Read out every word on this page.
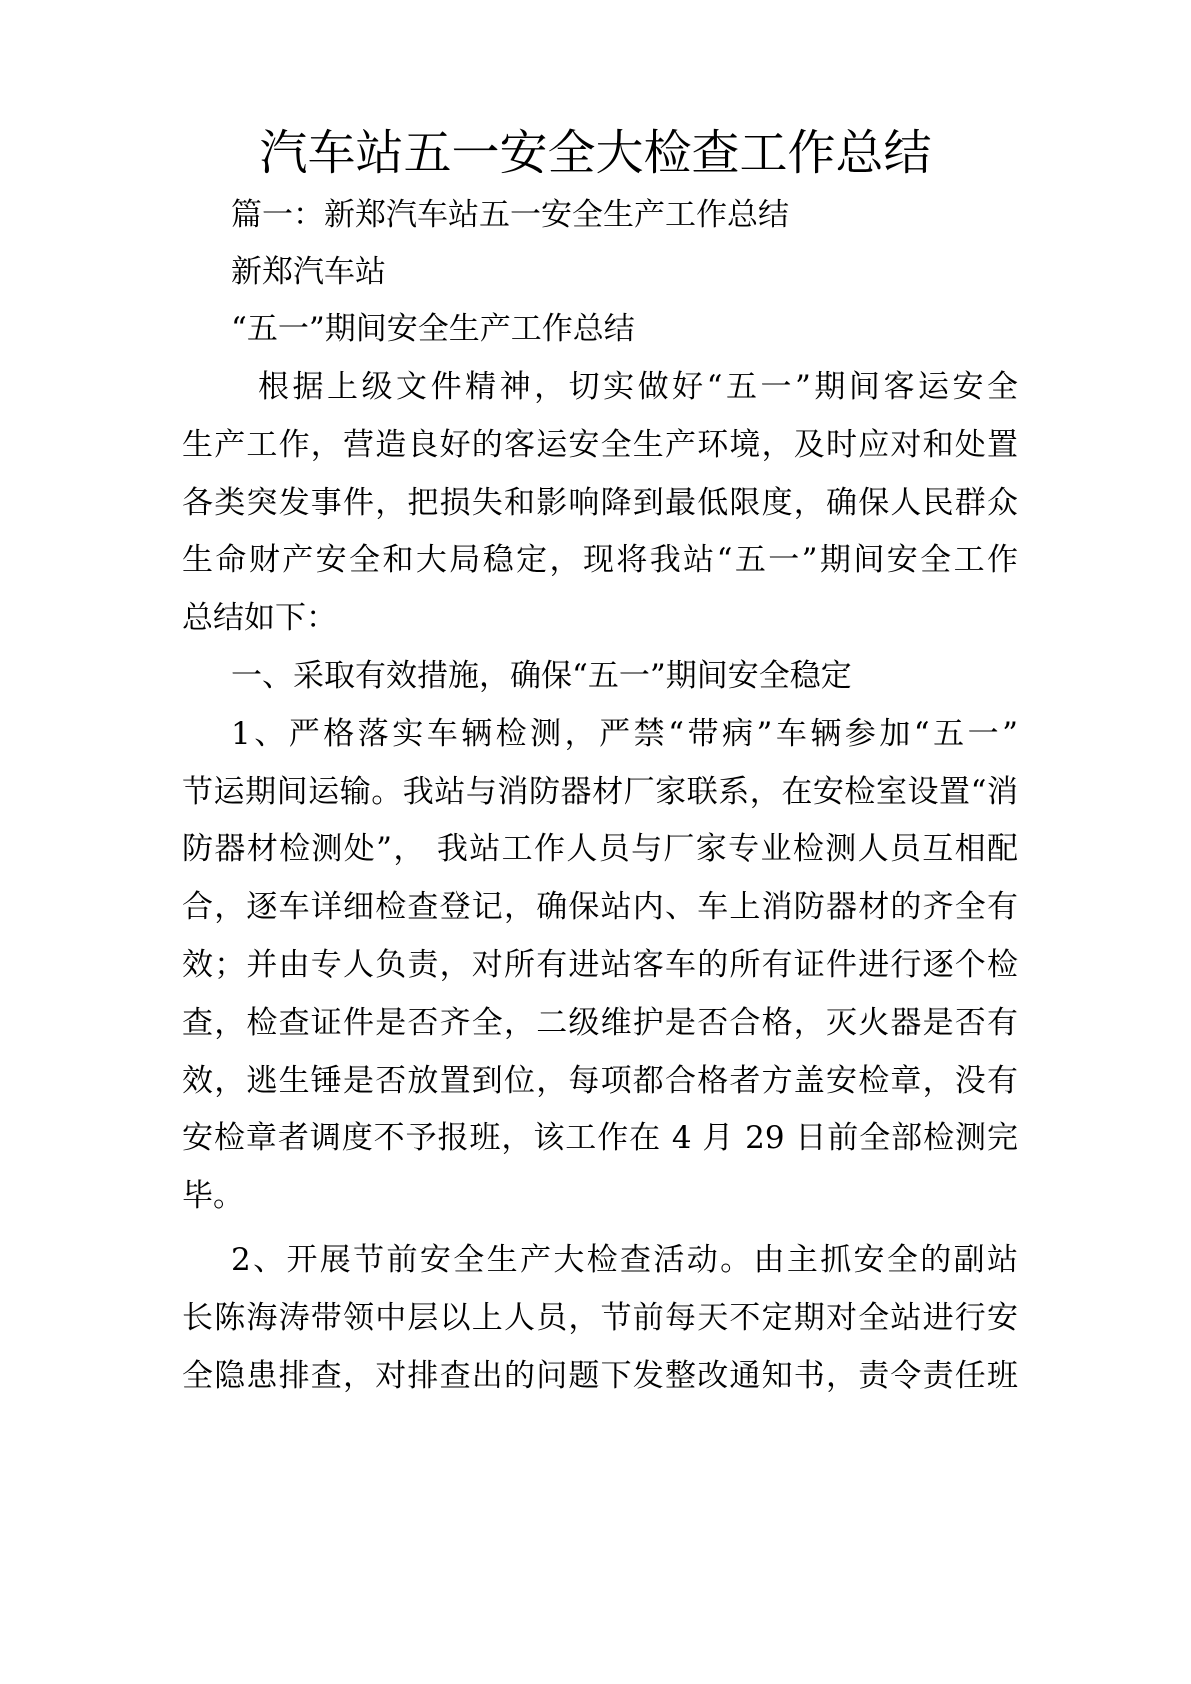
汽车站五一安全大检查工作总结
篇一：新郑汽车站五一安全生产工作总结
新郑汽车站
“五一”期间安全生产工作总结
根据上级文件精神，切实做好“五一”期间客运安全
生产工作，营造良好的客运安全生产环境，及时应对和处置
各类突发事件，把损失和影响降到最低限度，确保人民群众
生命财产安全和大局稳定，现将我站“五一”期间安全工作
总结如下：
一、采取有效措施，确保“五一”期间安全稳定
1、严格落实车辆检测，严禁“带病”车辆参加“五一”
节运期间运输。我站与消防器材厂家联系，在安检室设置“消
防器材检测处”， 我站工作人员与厂家专业检测人员互相配
合，逐车详细检查登记，确保站内、车上消防器材的齐全有
效；并由专人负责，对所有进站客车的所有证件进行逐个检
查，检查证件是否齐全，二级维护是否合格，灭火器是否有
效，逃生锤是否放置到位，每项都合格者方盖安检章，没有
安检章者调度不予报班，该工作在 4 月 29 日前全部检测完
毕。
2、开展节前安全生产大检查活动。由主抓安全的副站
长陈海涛带领中层以上人员，节前每天不定期对全站进行安
全隐患排查，对排查出的问题下发整改通知书，责令责任班
